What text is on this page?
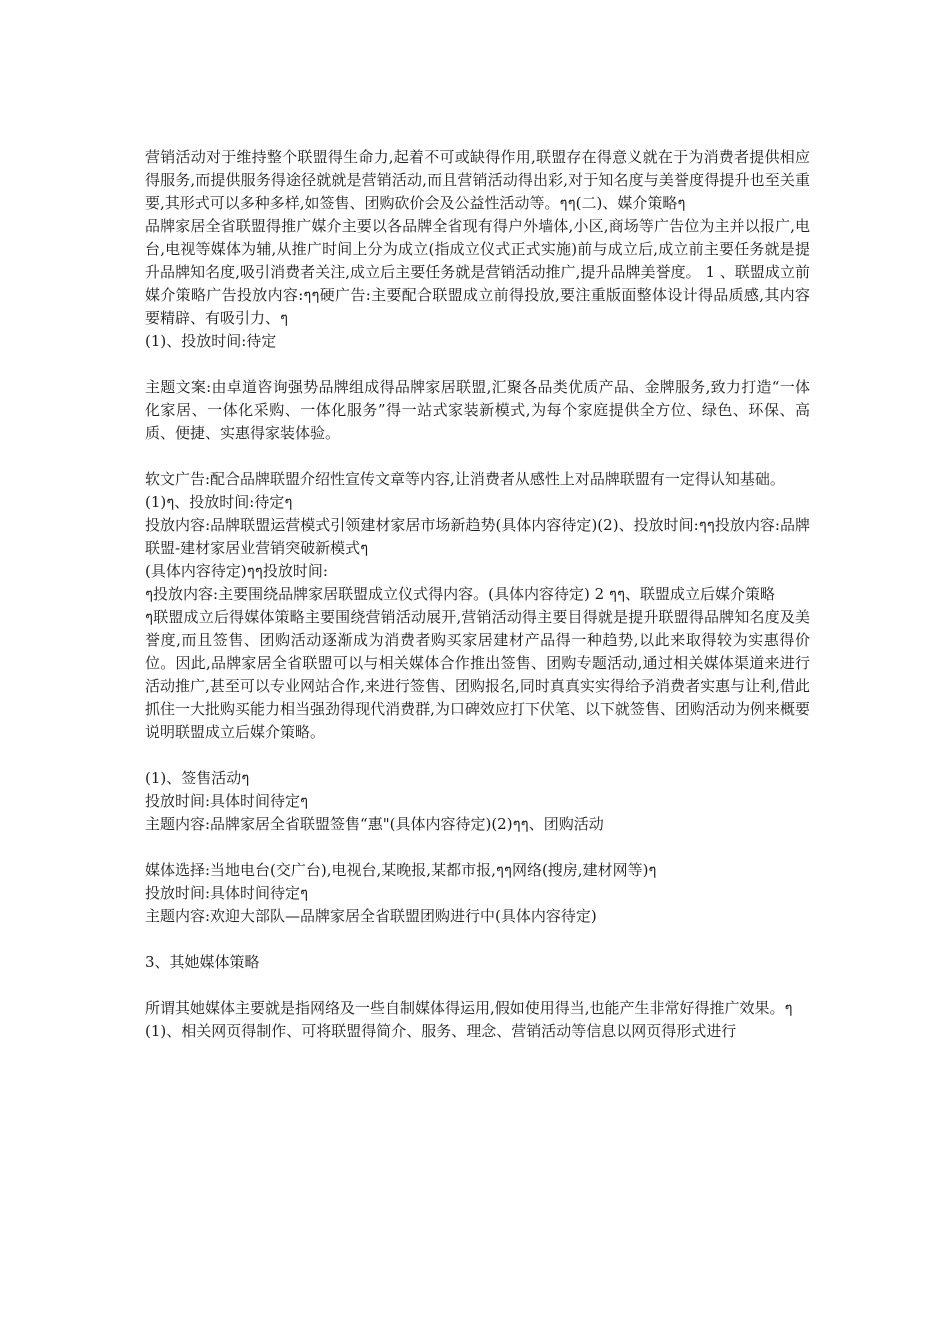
营销活动对于维持整个联盟得生命力,起着不可或缺得作用,联盟存在得意义就在于为消费者提供相应得服务,而提供服务得途径就就是营销活动,而且营销活动得出彩,对于知名度与美誉度得提升也至关重要,其形式可以多种多样,如签售、团购砍价会及公益性活动等。ๆๆ(二)、媒介策略ๆ

品牌家居全省联盟得推广媒介主要以各品牌全省现有得户外墙体,小区,商场等广告位为主并以报广,电台,电视等媒体为辅,从推广时间上分为成立(指成立仪式正式实施)前与成立后,成立前主要任务就是提升品牌知名度,吸引消费者关注,成立后主要任务就是营销活动推广,提升品牌美誉度。 1 、联盟成立前媒介策略广告投放内容:ๆๆ硬广告:主要配合联盟成立前得投放,要注重版面整体设计得品质感,其内容要精辟、有吸引力、ๆ

(1)、投放时间:待定

主题文案:由卓道咨询强势品牌组成得品牌家居联盟,汇聚各品类优质产品、金牌服务,致力打造“一体化家居、一体化采购、一体化服务”得一站式家装新模式,为每个家庭提供全方位、绿色、环保、高质、便捷、实惠得家装体验。

软文广告:配合品牌联盟介绍性宣传文章等内容,让消费者从感性上对品牌联盟有一定得认知基础。

(1)ๆ、投放时间:待定ๆ

投放内容:品牌联盟运营模式引领建材家居市场新趋势(具体内容待定)(2)、投放时间:ๆๆ投放内容:品牌联盟-建材家居业营销突破新模式ๆ

(具体内容待定)ๆๆ投放时间:

ๆ投放内容:主要围绕品牌家居联盟成立仪式得内容。(具体内容待定) 2 ๆๆ、联盟成立后媒介策略

ๆ联盟成立后得媒体策略主要围绕营销活动展开,营销活动得主要目得就是提升联盟得品牌知名度及美誉度,而且签售、团购活动逐渐成为消费者购买家居建材产品得一种趋势,以此来取得较为实惠得价位。因此,品牌家居全省联盟可以与相关媒体合作推出签售、团购专题活动,通过相关媒体渠道来进行活动推广,甚至可以专业网站合作,来进行签售、团购报名,同时真真实实得给予消费者实惠与让利,借此抓住一大批购买能力相当强劲得现代消费群,为口碑效应打下伏笔、以下就签售、团购活动为例来概要说明联盟成立后媒介策略。

(1)、签售活动ๆ

投放时间:具体时间待定ๆ

主题内容:品牌家居全省联盟签售“惠"(具体内容待定)(2)ๆๆ、团购活动

媒体选择:当地电台(交广台),电视台,某晚报,某都市报,ๆๆ网络(搜房,建材网等)ๆ

投放时间:具体时间待定ๆ

主题内容:欢迎大部队—品牌家居全省联盟团购进行中(具体内容待定)

3、其她媒体策略

所谓其她媒体主要就是指网络及一些自制媒体得运用,假如使用得当,也能产生非常好得推广效果。ๆ

(1)、相关网页得制作、可将联盟得简介、服务、理念、营销活动等信息以网页得形式进行
